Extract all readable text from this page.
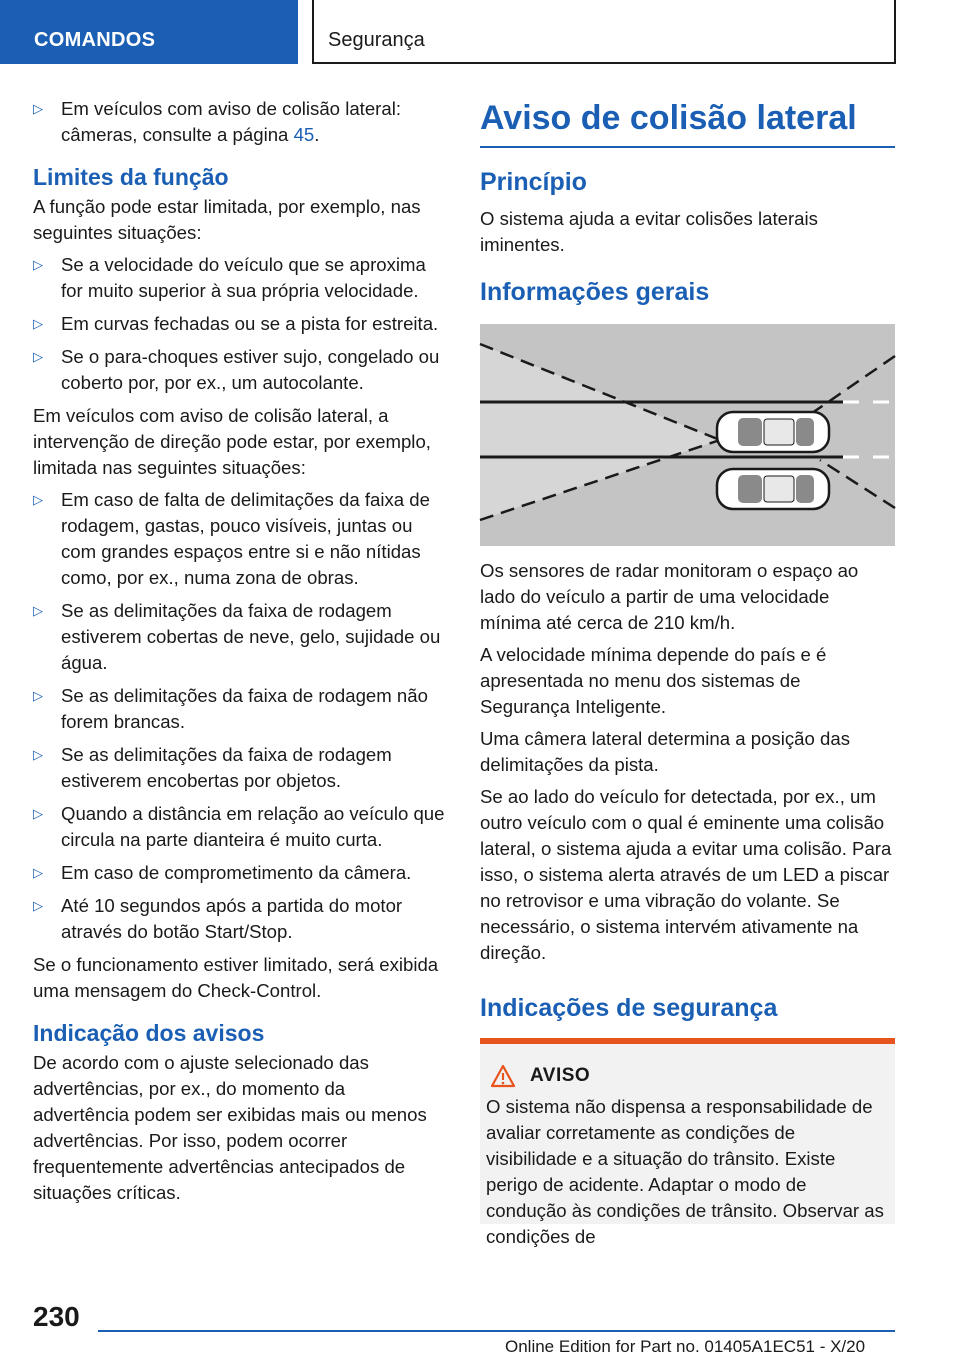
COMANDOS	Segurança
▷ Em veículos com aviso de colisão lateral: câmeras, consulte a página 45.
Limites da função

A função pode estar limitada, por exemplo, nas seguintes situações:

▷ Se a velocidade do veículo que se aproxima for muito superior à sua própria velocidade.
▷ Em curvas fechadas ou se a pista for estreita.
▷ Se o para-choques estiver sujo, congelado ou coberto por, por ex., um autocolante.

Em veículos com aviso de colisão lateral, a intervenção de direção pode estar, por exemplo, limitada nas seguintes situações:

▷ Em caso de falta de delimitações da faixa de rodagem, gastas, pouco visíveis, juntas ou com grandes espaços entre si e não nítidas como, por ex., numa zona de obras.
▷ Se as delimitações da faixa de rodagem estiverem cobertas de neve, gelo, sujidade ou água.
▷ Se as delimitações da faixa de rodagem não forem brancas.
▷ Se as delimitações da faixa de rodagem estiverem encobertas por objetos.
▷ Quando a distância em relação ao veículo que circula na parte dianteira é muito curta.
▷ Em caso de comprometimento da câmera.
▷ Até 10 segundos após a partida do motor através do botão Start/Stop.

Se o funcionamento estiver limitado, será exibida uma mensagem do Check-Control.

Indicação dos avisos

De acordo com o ajuste selecionado das advertências, por ex., do momento da advertência podem ser exibidas mais ou menos advertências. Por isso, podem ocorrer frequentemente advertências antecipados de situações críticas.

Aviso de colisão lateral
Princípio

O sistema ajuda a evitar colisões laterais iminentes.

Informações gerais

Os sensores de radar monitoram o espaço ao lado do veículo a partir de uma velocidade mínima até cerca de 210 km/h.

A velocidade mínima depende do país e é apresentada no menu dos sistemas de Segurança Inteligente.

Uma câmera lateral determina a posição das delimitações da pista.

Se ao lado do veículo for detectada, por ex., um outro veículo com o qual é eminente uma colisão lateral, o sistema ajuda a evitar uma colisão. Para isso, o sistema alerta através de um LED a piscar no retrovisor e uma vibração do volante. Se necessário, o sistema intervém ativamente na direção.

Indicações de segurança
AVISO

O sistema não dispensa a responsabilidade de avaliar corretamente as condições de visibilidade e a situação do trânsito. Existe perigo de acidente. Adaptar o modo de condução às condições de trânsito. Observar as condições de

230
Online Edition for Part no. 01405A1EC51 - X/20
